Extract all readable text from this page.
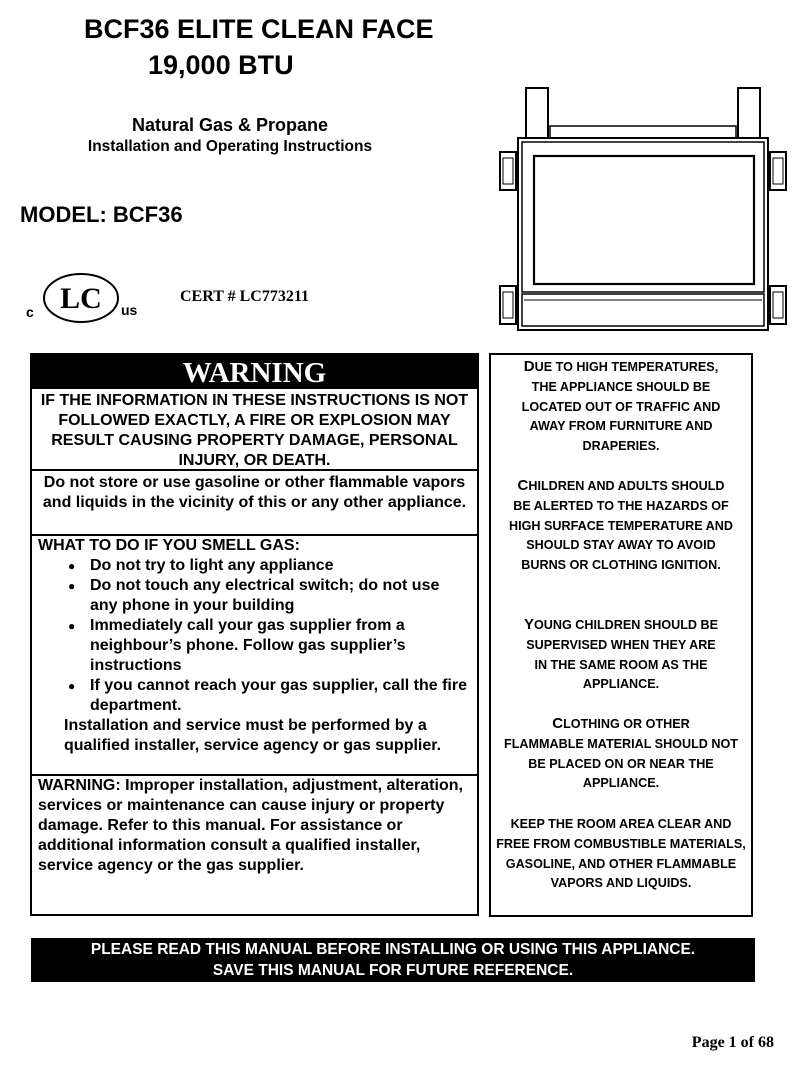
BCF36 ELITE CLEAN FACE
19,000 BTU
Natural Gas & Propane
Installation and Operating Instructions
MODEL: BCF36
c LC us
CERT # LC773211
WARNING
IF THE INFORMATION IN THESE INSTRUCTIONS IS NOT FOLLOWED EXACTLY, A FIRE OR EXPLOSION MAY RESULT CAUSING PROPERTY DAMAGE, PERSONAL INJURY, OR DEATH.
Do not store or use gasoline or other flammable vapors and liquids in the vicinity of this or any other appliance.
WHAT TO DO IF YOU SMELL GAS:
● Do not try to light any appliance
● Do not touch any electrical switch; do not use any phone in your building
● Immediately call your gas supplier from a neighbour’s phone. Follow gas supplier’s instructions
● If you cannot reach your gas supplier, call the fire department.
Installation and service must be performed by a qualified installer, service agency or gas supplier.
WARNING: Improper installation, adjustment, alteration, services or maintenance can cause injury or property damage. Refer to this manual. For assistance or additional information consult a qualified installer, service agency or the gas supplier.
DUE TO HIGH TEMPERATURES,
THE APPLIANCE SHOULD BE LOCATED OUT OF TRAFFIC AND AWAY FROM FURNITURE AND DRAPERIES.
CHILDREN AND ADULTS SHOULD
BE ALERTED TO THE HAZARDS OF HIGH SURFACE TEMPERATURE AND SHOULD STAY AWAY TO AVOID BURNS OR CLOTHING IGNITION.
YOUNG CHILDREN SHOULD BE
SUPERVISED WHEN THEY ARE IN THE SAME ROOM AS THE APPLIANCE.
CLOTHING OR OTHER
FLAMMABLE MATERIAL SHOULD NOT BE PLACED ON OR NEAR THE APPLIANCE.
KEEP THE ROOM AREA CLEAR AND FREE FROM COMBUSTIBLE MATERIALS, GASOLINE, AND OTHER FLAMMABLE VAPORS AND LIQUIDS.
PLEASE READ THIS MANUAL BEFORE INSTALLING OR USING THIS APPLIANCE.
SAVE THIS MANUAL FOR FUTURE REFERENCE.
Page 1 of 68
